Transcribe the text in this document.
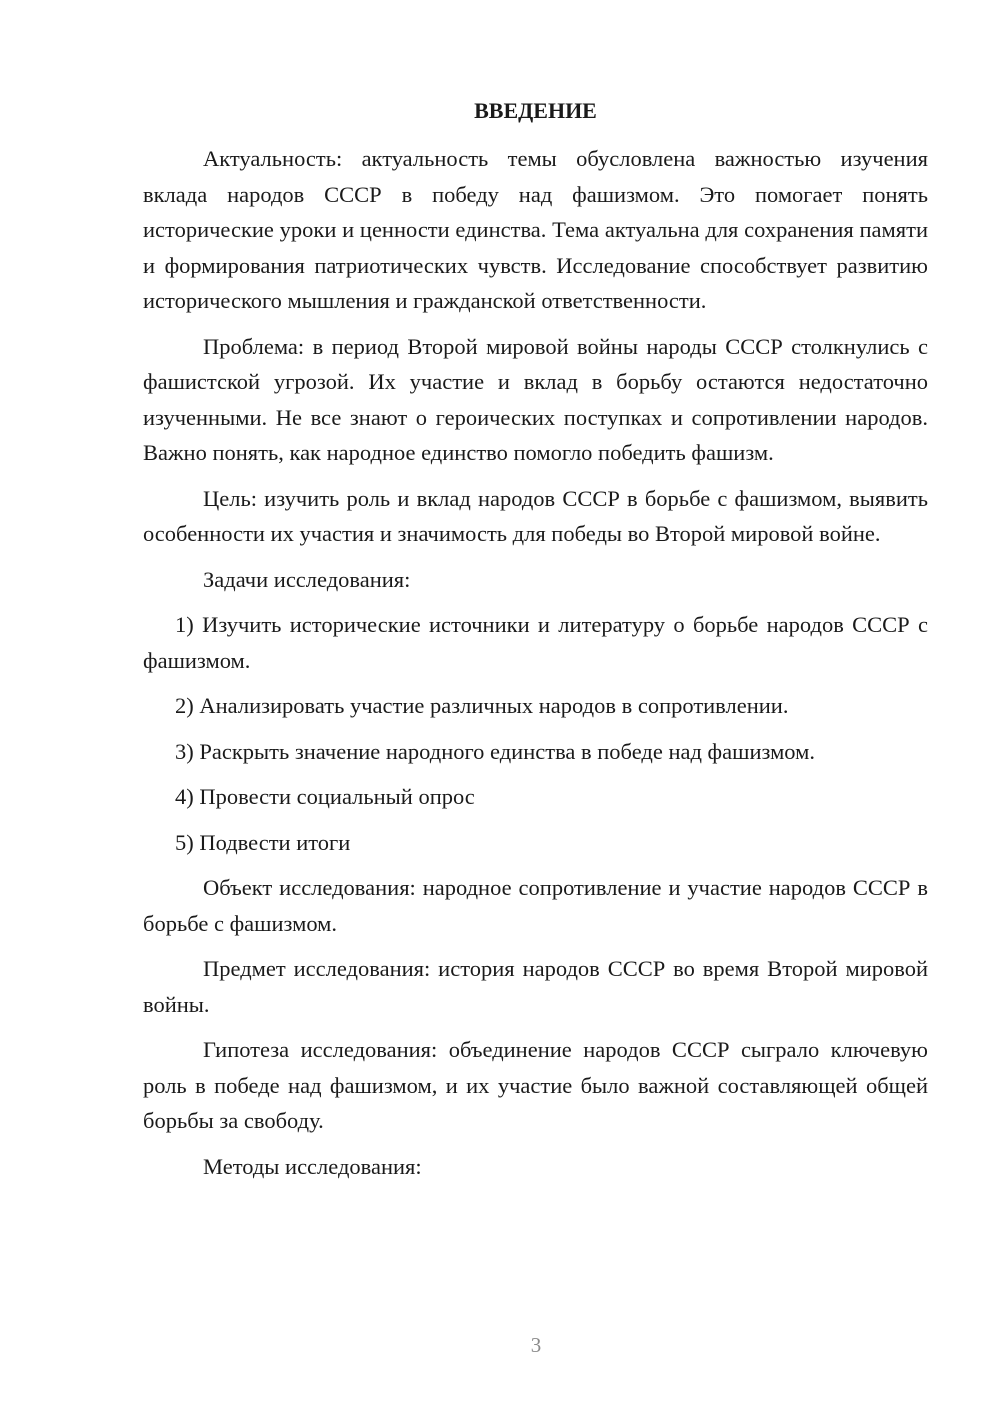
ВВЕДЕНИЕ

Актуальность: актуальность темы обусловлена важностью изучения вклада народов СССР в победу над фашизмом. Это помогает понять исторические уроки и ценности единства. Тема актуальна для сохранения памяти и формирования патриотических чувств. Исследование способствует развитию исторического мышления и гражданской ответственности.

Проблема: в период Второй мировой войны народы СССР столкнулись с фашистской угрозой. Их участие и вклад в борьбу остаются недостаточно изученными. Не все знают о героических поступках и сопротивлении народов. Важно понять, как народное единство помогло победить фашизм.

Цель: изучить роль и вклад народов СССР в борьбе с фашизмом, выявить особенности их участия и значимость для победы во Второй мировой войне.

Задачи исследования:

1) Изучить исторические источники и литературу о борьбе народов СССР с фашизмом.

2) Анализировать участие различных народов в сопротивлении.

3) Раскрыть значение народного единства в победе над фашизмом.

4) Провести социальный опрос

5) Подвести итоги

Объект исследования: народное сопротивление и участие народов СССР в борьбе с фашизмом.

Предмет исследования: история народов СССР во время Второй мировой войны.

Гипотеза исследования: объединение народов СССР сыграло ключевую роль в победе над фашизмом, и их участие было важной составляющей общей борьбы за свободу.

Методы исследования:

3
